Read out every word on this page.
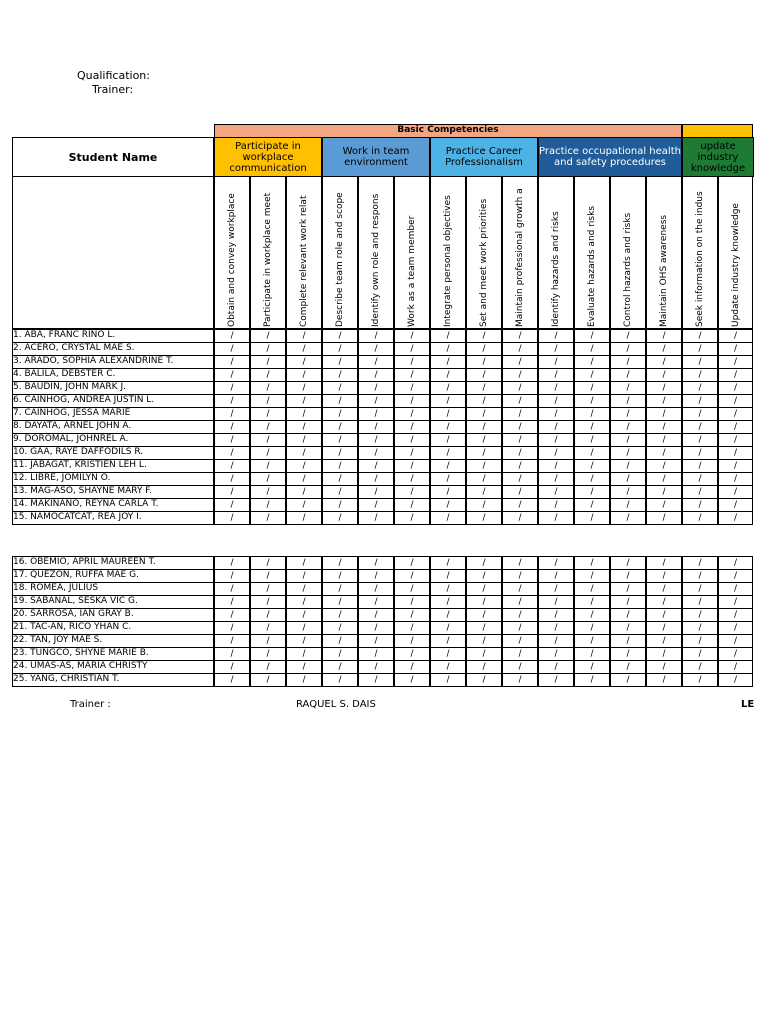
Qualification:
Trainer:
Basic Competencies
Student Name
Participate in workplace communication
Work in team environment
Practice Career Professionalism
Practice occupational health and safety procedures
update industry knowledge
Obtain and convey workplace	Participate in workplace meet	Complete relevant work relat	Describe team role and scope	Identify own role and respons	Work as a team member	Integrate personal objectives	Set and meet work priorities	Maintain professional growth a	Identify hazards and risks	Evaluate hazards and risks	Control hazards and risks	Maintain OHS awareness	Seek information on the indus	Update industry knowledge
1. ABA, FRANC RINO L.	/	/	/	/	/	/	/	/	/	/	/	/	/	/	/
2. ACERO, CRYSTAL MAE S.	/	/	/	/	/	/	/	/	/	/	/	/	/	/	/
3. ARADO, SOPHIA ALEXANDRINE T.	/	/	/	/	/	/	/	/	/	/	/	/	/	/	/
4. BALILA, DEBSTER C.	/	/	/	/	/	/	/	/	/	/	/	/	/	/	/
5. BAUDIN, JOHN MARK J.	/	/	/	/	/	/	/	/	/	/	/	/	/	/	/
6. CAINHOG, ANDREA JUSTIN L.	/	/	/	/	/	/	/	/	/	/	/	/	/	/	/
7. CAINHOG, JESSA MARIE	/	/	/	/	/	/	/	/	/	/	/	/	/	/	/
8. DAYATA, ARNEL JOHN A.	/	/	/	/	/	/	/	/	/	/	/	/	/	/	/
9. DOROMAL, JOHNREL A.	/	/	/	/	/	/	/	/	/	/	/	/	/	/	/
10. GAA, RAYE DAFFODILS R.	/	/	/	/	/	/	/	/	/	/	/	/	/	/	/
11. JABAGAT, KRISTIEN LEH L.	/	/	/	/	/	/	/	/	/	/	/	/	/	/	/
12. LIBRE, JOMILYN O.	/	/	/	/	/	/	/	/	/	/	/	/	/	/	/
13. MAG-ASO, SHAYNE MARY F.	/	/	/	/	/	/	/	/	/	/	/	/	/	/	/
14. MAKINANO, REYNA CARLA T.	/	/	/	/	/	/	/	/	/	/	/	/	/	/	/
15. NAMOCATCAT, REA JOY I.	/	/	/	/	/	/	/	/	/	/	/	/	/	/	/
16. OBEMIO, APRIL MAUREEN T.	/	/	/	/	/	/	/	/	/	/	/	/	/	/	/
17. QUEZON, RUFFA MAE G.	/	/	/	/	/	/	/	/	/	/	/	/	/	/	/
18. ROMEA, JULIUS	/	/	/	/	/	/	/	/	/	/	/	/	/	/	/
19. SABANAL, SESKA VIC G.	/	/	/	/	/	/	/	/	/	/	/	/	/	/	/
20. SARROSA, IAN GRAY B.	/	/	/	/	/	/	/	/	/	/	/	/	/	/	/
21. TAC-AN, RICO YHAN C.	/	/	/	/	/	/	/	/	/	/	/	/	/	/	/
22. TAN, JOY MAE S.	/	/	/	/	/	/	/	/	/	/	/	/	/	/	/
23. TUNGCO, SHYNE MARIE B.	/	/	/	/	/	/	/	/	/	/	/	/	/	/	/
24. UMAS-AS, MARIA CHRISTY	/	/	/	/	/	/	/	/	/	/	/	/	/	/	/
25. YANG, CHRISTIAN T.	/	/	/	/	/	/	/	/	/	/	/	/	/	/	/
Trainer :	RAQUEL S. DAIS	LE
